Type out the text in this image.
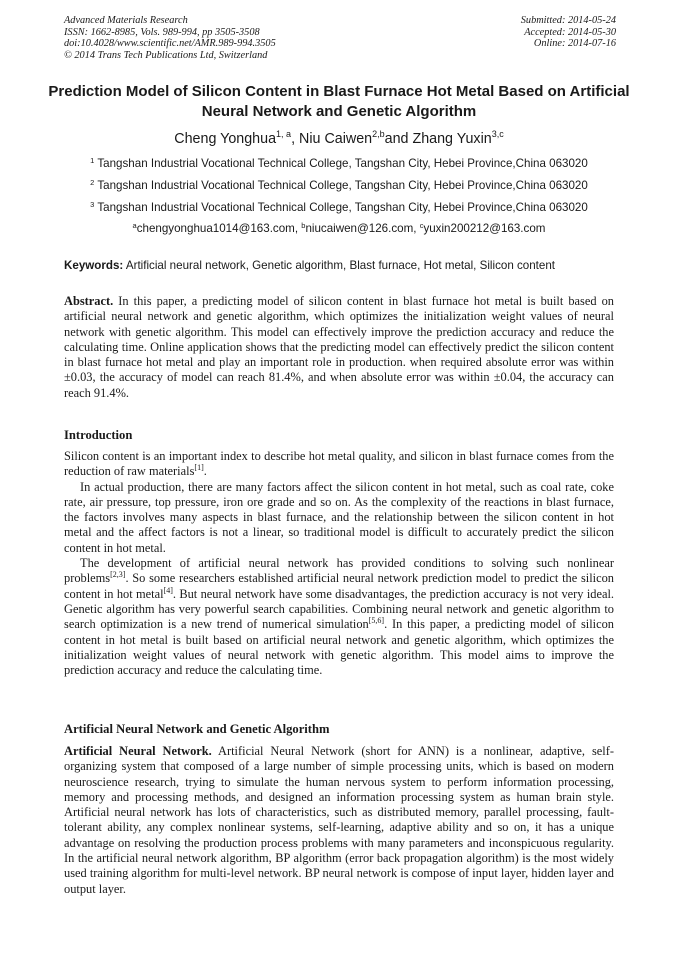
Advanced Materials Research
ISSN: 1662-8985, Vols. 989-994, pp 3505-3508
doi:10.4028/www.scientific.net/AMR.989-994.3505
© 2014 Trans Tech Publications Ltd, Switzerland
Submitted: 2014-05-24
Accepted: 2014-05-30
Online: 2014-07-16
Prediction Model of Silicon Content in Blast Furnace Hot Metal Based on Artificial Neural Network and Genetic Algorithm
Cheng Yonghua$^{1, a}$, Niu Caiwen$^{2,b}$and Zhang Yuxin$^{3,c}$
$^1$ Tangshan Industrial Vocational Technical College, Tangshan City, Hebei Province,China 063020
$^2$ Tangshan Industrial Vocational Technical College, Tangshan City, Hebei Province,China 063020
$^3$ Tangshan Industrial Vocational Technical College, Tangshan City, Hebei Province,China 063020
$^a$chengyonghua1014@163.com, $^b$niucaiwen@126.com, $^c$yuxin200212@163.com
Keywords: Artificial neural network, Genetic algorithm, Blast furnace, Hot metal, Silicon content

Abstract. In this paper, a predicting model of silicon content in blast furnace hot metal is built based on artificial neural network and genetic algorithm, which optimizes the initialization weight values of neural network with genetic algorithm. This model can effectively improve the prediction accuracy and reduce the calculating time. Online application shows that the predicting model can effectively predict the silicon content in blast furnace hot metal and play an important role in production. when required absolute error was within ±0.03, the accuracy of model can reach 81.4%, and when absolute error was within ±0.04, the accuracy can reach 91.4%.

Introduction

Silicon content is an important index to describe hot metal quality, and silicon in blast furnace comes from the reduction of raw materials[1].

In actual production, there are many factors affect the silicon content in hot metal, such as coal rate, coke rate, air pressure, top pressure, iron ore grade and so on. As the complexity of the reactions in blast furnace, the factors involves many aspects in blast furnace, and the relationship between the silicon content in hot metal and the affect factors is not a linear, so traditional model is difficult to accurately predict the silicon content in hot metal.

The development of artificial neural network has provided conditions to solving such nonlinear problems[2,3]. So some researchers established artificial neural network prediction model to predict the silicon content in hot metal[4]. But neural network have some disadvantages, the prediction accuracy is not very ideal. Genetic algorithm has very powerful search capabilities. Combining neural network and genetic algorithm to search optimization is a new trend of numerical simulation[5,6]. In this paper, a predicting model of silicon content in hot metal is built based on artificial neural network and genetic algorithm, which optimizes the initialization weight values of neural network with genetic algorithm. This model aims to improve the prediction accuracy and reduce the calculating time.

Artificial Neural Network and Genetic Algorithm

Artificial Neural Network. Artificial Neural Network (short for ANN) is a nonlinear, adaptive, self-organizing system that composed of a large number of simple processing units, which is based on modern neuroscience research, trying to simulate the human nervous system to perform information processing, memory and processing methods, and designed an information processing system as human brain style. Artificial neural network has lots of characteristics, such as distributed memory, parallel processing, fault-tolerant ability, any complex nonlinear systems, self-learning, adaptive ability and so on, it has a unique advantage on resolving the production process problems with many parameters and inconspicuous regularity. In the artificial neural network algorithm, BP algorithm (error back propagation algorithm) is the most widely used training algorithm for multi-level network. BP neural network is compose of input layer, hidden layer and output layer.
